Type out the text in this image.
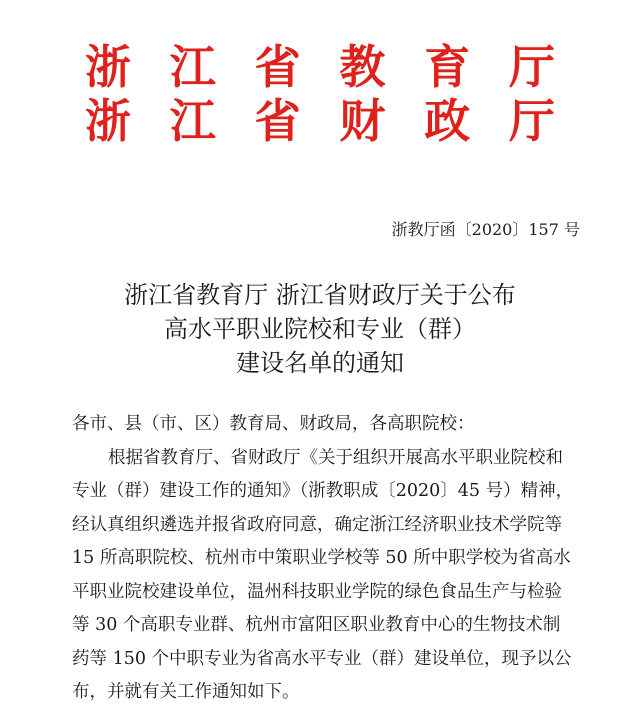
浙 江 省 教 育 厅
浙 江 省 财 政 厅
浙教厅函〔2020〕157 号
浙江省教育厅 浙江省财政厅关于公布
高水平职业院校和专业（群）
建设名单的通知
各市、县（市、区）教育局、财政局，各高职院校：
根据省教育厅、省财政厅《关于组织开展高水平职业院校和
专业（群）建设工作的通知》（浙教职成〔2020〕45 号）精神，
经认真组织遴选并报省政府同意，确定浙江经济职业技术学院等
15 所高职院校、杭州市中策职业学校等 50 所中职学校为省高水
平职业院校建设单位，温州科技职业学院的绿色食品生产与检验
等 30 个高职专业群、杭州市富阳区职业教育中心的生物技术制
药等 150 个中职专业为省高水平专业（群）建设单位，现予以公
布，并就有关工作通知如下。
